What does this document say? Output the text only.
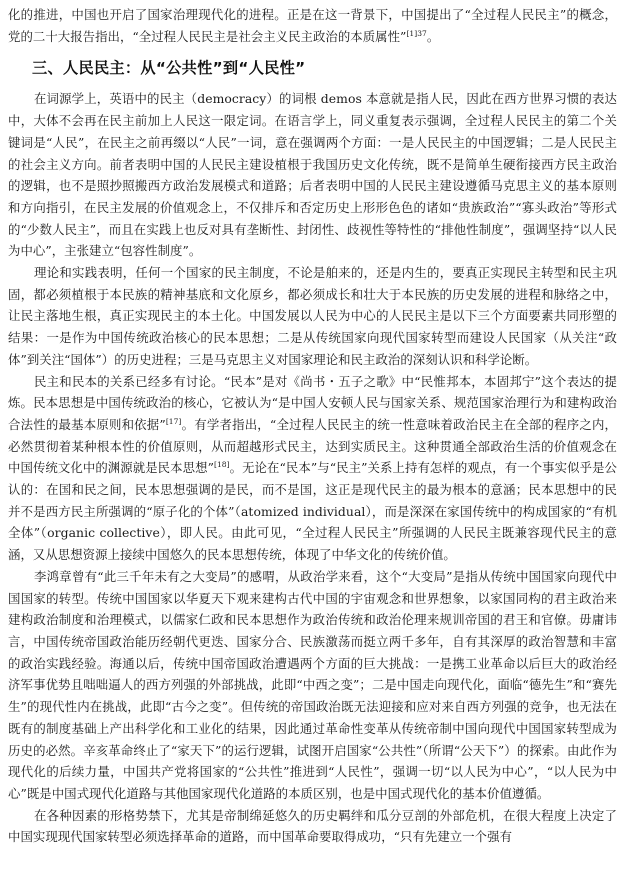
化的推进，中国也开启了国家治理现代化的进程。正是在这一背景下，中国提出了“全过程人民民主”的概念，党的二十大报告指出，“全过程人民民主是社会主义民主政治的本质属性”$^{[1]37}$。

三、人民民主：从“公共性”到“人民性”

在词源学上，英语中的民主（democracy）的词根 demos 本意就是指人民，因此在西方世界习惯的表达中，大体不会再在民主前加上人民这一限定词。在语言学上，同义重复表示强调，全过程人民民主的第二个关键词是“人民”，在民主之前再缀以“人民”一词，意在强调两个方面：一是人民民主的中国逻辑；二是人民民主的社会主义方向。前者表明中国的人民民主建设植根于我国历史文化传统，既不是简单生硬衔接西方民主政治的逻辑，也不是照抄照搬西方政治发展模式和道路；后者表明中国的人民民主建设遵循马克思主义的基本原则和方向指引，在民主发展的价值观念上，不仅排斥和否定历史上形形色色的诸如“贵族政治”“寡头政治”等形式的“少数人民主”，而且在实践上也反对具有垄断性、封闭性、歧视性等特性的“排他性制度”，强调坚持“以人民为中心”，主张建立“包容性制度”。

理论和实践表明，任何一个国家的民主制度，不论是舶来的，还是内生的，要真正实现民主转型和民主巩固，都必须植根于本民族的精神基底和文化原乡，都必须成长和壮大于本民族的历史发展的进程和脉络之中，让民主落地生根，真正实现民主的本土化。中国发展以人民为中心的人民民主是以下三个方面要素共同形塑的结果：一是作为中国传统政治核心的民本思想；二是从传统国家向现代国家转型而建设人民国家（从关注“政体”到关注“国体”）的历史进程；三是马克思主义对国家理论和民主政治的深刻认识和科学论断。

民主和民本的关系已经多有讨论。“民本”是对《尚书・五子之歌》中“民惟邦本，本固邦宁”这个表达的提炼。民本思想是中国传统政治的核心，它被认为“是中国人安顿人民与国家关系、规范国家治理行为和建构政治合法性的最基本原则和依据”[17]。有学者指出，“全过程人民民主的统一性意味着政治民主在全部的程序之内，必然贯彻着某种根本性的价值原则，从而超越形式民主，达到实质民主。这种贯通全部政治生活的价值观念在中国传统文化中的渊源就是民本思想”[18]。无论在“民本”与“民主”关系上持有怎样的观点，有一个事实似乎是公认的：在国和民之间，民本思想强调的是民，而不是国，这正是现代民主的最为根本的意涵；民本思想中的民并不是西方民主所强调的“原子化的个体”（atomized individual），而是深深在家国传统中的构成国家的“有机全体”（organic collective），即人民。由此可见，“全过程人民民主”所强调的人民民主既兼容现代民主的意涵，又从思想资源上接续中国悠久的民本思想传统，体现了中华文化的传统价值。

李鸿章曾有“此三千年未有之大变局”的感喟，从政治学来看，这个“大变局”是指从传统中国国家向现代中国国家的转型。传统中国国家以华夏天下观来建构古代中国的宇宙观念和世界想象，以家国同构的君主政治来建构政治制度和治理模式，以儒家仁政和民本思想作为政治传统和政治伦理来规训帝国的君王和官僚。毋庸讳言，中国传统帝国政治能历经朝代更迭、国家分合、民族激荡而挺立两千多年，自有其深厚的政治智慧和丰富的政治实践经验。海通以后，传统中国帝国政治遭遇两个方面的巨大挑战：一是携工业革命以后巨大的政治经济军事优势且咄咄逼人的西方列强的外部挑战，此即“中西之变”；二是中国走向现代化，面临“德先生”和“赛先生”的现代性内在挑战，此即“古今之变”。但传统的帝国政治既无法迎接和应对来自西方列强的竞争，也无法在既有的制度基础上产出科学化和工业化的结果，因此通过革命性变革从传统帝制中国向现代中国国家转型成为历史的必然。辛亥革命终止了“家天下”的运行逻辑，试图开启国家“公共性”（所谓“公天下”）的探索。由此作为现代化的后续力量，中国共产党将国家的“公共性”推进到“人民性”，强调一切“以人民为中心”，“以人民为中心”既是中国式现代化道路与其他国家现代化道路的本质区别，也是中国式现代化的基本价值遵循。

在各种因素的形格势禁下，尤其是帝制绵延悠久的历史羁绊和瓜分豆剖的外部危机，在很大程度上决定了中国实现现代国家转型必须选择革命的道路，而中国革命要取得成功，“只有先建立一个强有
